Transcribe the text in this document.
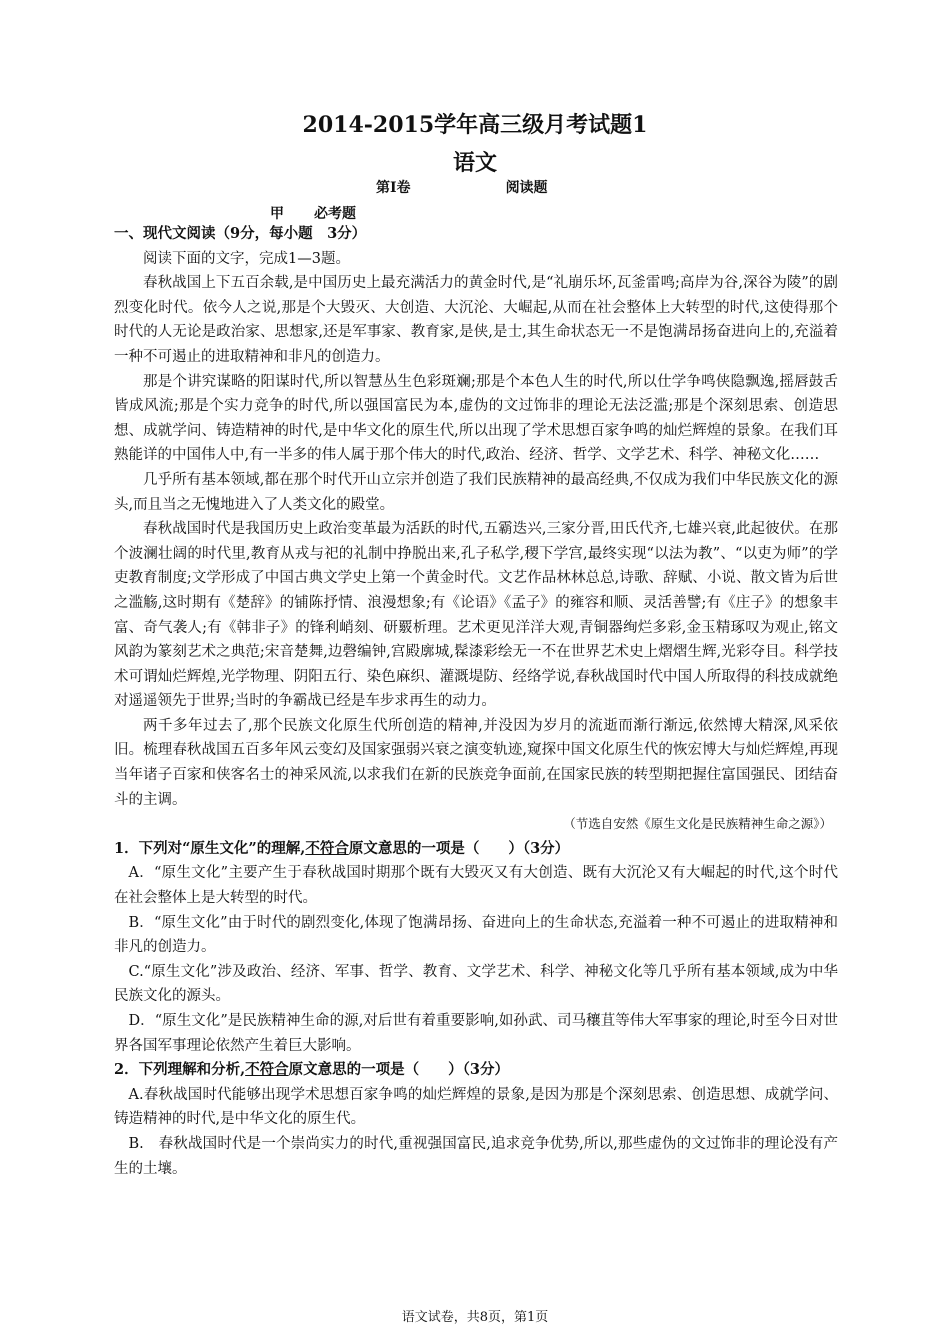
2014-2015学年高三级月考试题1
语文
第Ⅰ卷	阅读题
甲 必考题

一、现代文阅读（9分，每小题　3分）

阅读下面的文字，完成1—3题。

春秋战国上下五百余载,是中国历史上最充满活力的黄金时代,是“礼崩乐坏,瓦釜雷鸣;高岸为谷,深谷为陵”的剧烈变化时代。依今人之说,那是个大毁灭、大创造、大沉沦、大崛起,从而在社会整体上大转型的时代,这使得那个时代的人无论是政治家、思想家,还是军事家、教育家,是侠,是士,其生命状态无一不是饱满昂扬奋进向上的,充溢着一种不可遏止的进取精神和非凡的创造力。

那是个讲究谋略的阳谋时代,所以智慧丛生色彩斑斓;那是个本色人生的时代,所以仕学争鸣侠隐飘逸,摇唇鼓舌皆成风流;那是个实力竞争的时代,所以强国富民为本,虚伪的文过饰非的理论无法泛滥;那是个深刻思索、创造思想、成就学问、铸造精神的时代,是中华文化的原生代,所以出现了学术思想百家争鸣的灿烂辉煌的景象。在我们耳熟能详的中国伟人中,有一半多的伟人属于那个伟大的时代,政治、经济、哲学、文学艺术、科学、神秘文化……

几乎所有基本领域,都在那个时代开山立宗并创造了我们民族精神的最高经典,不仅成为我们中华民族文化的源头,而且当之无愧地进入了人类文化的殿堂。

春秋战国时代是我国历史上政治变革最为活跃的时代,五霸迭兴,三家分晋,田氏代齐,七雄兴衰,此起彼伏。在那个波澜壮阔的时代里,教育从戎与祀的礼制中挣脱出来,孔子私学,稷下学宫,最终实现“以法为教”、“以吏为师”的学吏教育制度;文学形成了中国古典文学史上第一个黄金时代。文艺作品林林总总,诗歌、辞赋、小说、散文皆为后世之滥觞,这时期有《楚辞》的铺陈抒情、浪漫想象;有《论语》《孟子》的雍容和顺、灵活善譬;有《庄子》的想象丰富、奇气袭人;有《韩非子》的锋利峭刻、研覈析理。艺术更见洋洋大观,青铜器绚烂多彩,金玉精琢叹为观止,铭文风韵为篆刻艺术之典范;宋音楚舞,边磬编钟,宫殿廓城,髹漆彩绘无一不在世界艺术史上熠熠生辉,光彩夺目。科学技术可谓灿烂辉煌,光学物理、阴阳五行、染色麻织、灌溉堤防、经络学说,春秋战国时代中国人所取得的科技成就绝对遥遥领先于世界;当时的争霸战已经是车步求再生的动力。

两千多年过去了,那个民族文化原生代所创造的精神,并没因为岁月的流逝而渐行渐远,依然博大精深,风采依旧。梳理春秋战国五百多年风云变幻及国家强弱兴衰之演变轨迹,窥探中国文化原生代的恢宏博大与灿烂辉煌,再现当年诸子百家和侠客名士的神采风流,以求我们在新的民族竞争面前,在国家民族的转型期把握住富国强民、团结奋斗的主调。

（节选自安然《原生文化是民族精神生命之源》）

1．下列对“原生文化”的理解,不符合原文意思的一项是（　　）（3分）

A．“原生文化”主要产生于春秋战国时期那个既有大毁灭又有大创造、既有大沉沦又有大崛起的时代,这个时代在社会整体上是大转型的时代。

B．“原生文化”由于时代的剧烈变化,体现了饱满昂扬、奋进向上的生命状态,充溢着一种不可遏止的进取精神和非凡的创造力。

C.“原生文化”涉及政治、经济、军事、哲学、教育、文学艺术、科学、神秘文化等几乎所有基本领域,成为中华民族文化的源头。

D．“原生文化”是民族精神生命的源,对后世有着重要影响,如孙武、司马穰苴等伟大军事家的理论,时至今日对世界各国军事理论依然产生着巨大影响。

2．下列理解和分析,不符合原文意思的一项是（　　）（3分）

A.春秋战国时代能够出现学术思想百家争鸣的灿烂辉煌的景象,是因为那是个深刻思索、创造思想、成就学问、铸造精神的时代,是中华文化的原生代。

B.　春秋战国时代是一个崇尚实力的时代,重视强国富民,追求竞争优势,所以,那些虚伪的文过饰非的理论没有产生的土壤。

语文试卷，共8页，第1页
